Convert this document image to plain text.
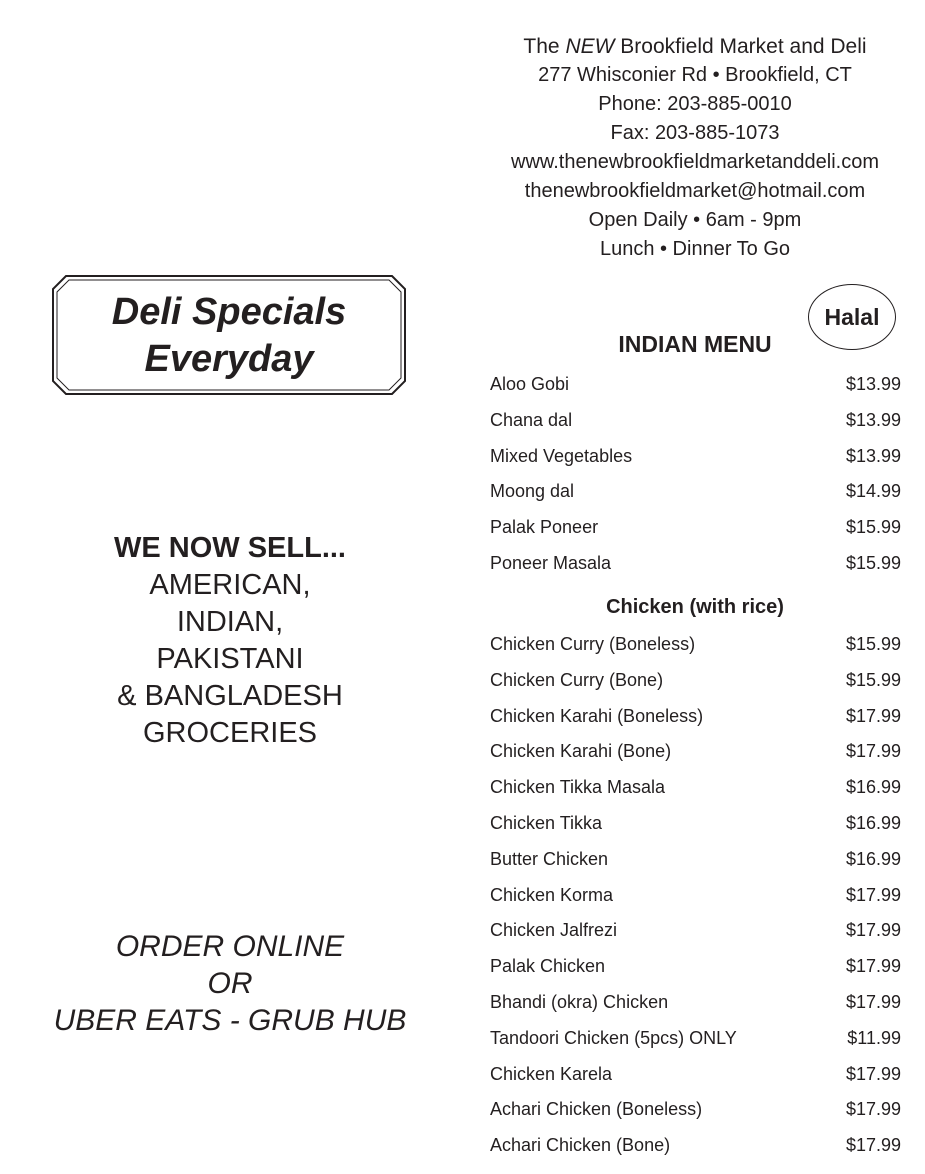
The NEW Brookfield Market and Deli
277 Whisconier Rd • Brookfield, CT
Phone: 203-885-0010
Fax: 203-885-1073
www.thenewbrookfieldmarketanddeli.com
thenewbrookfieldmarket@hotmail.com
Open Daily • 6am - 9pm
Lunch • Dinner To Go
Deli Specials
Everyday
WE NOW SELL...
AMERICAN,
INDIAN,
PAKISTANI
& BANGLADESH
GROCERIES
ORDER ONLINE
OR
UBER EATS - GRUB HUB
Halal
INDIAN MENU
Aloo Gobi	$13.99
Chana dal	$13.99
Mixed Vegetables	$13.99
Moong dal	$14.99
Palak Poneer	$15.99
Poneer Masala	$15.99
Chicken (with rice)
Chicken Curry (Boneless)	$15.99
Chicken Curry (Bone)	$15.99
Chicken Karahi (Boneless)	$17.99
Chicken Karahi (Bone)	$17.99
Chicken Tikka Masala	$16.99
Chicken Tikka	$16.99
Butter Chicken	$16.99
Chicken Korma	$17.99
Chicken Jalfrezi	$17.99
Palak Chicken	$17.99
Bhandi (okra) Chicken	$17.99
Tandoori Chicken (5pcs) ONLY	$11.99
Chicken Karela	$17.99
Achari Chicken (Boneless)	$17.99
Achari Chicken (Bone)	$17.99
